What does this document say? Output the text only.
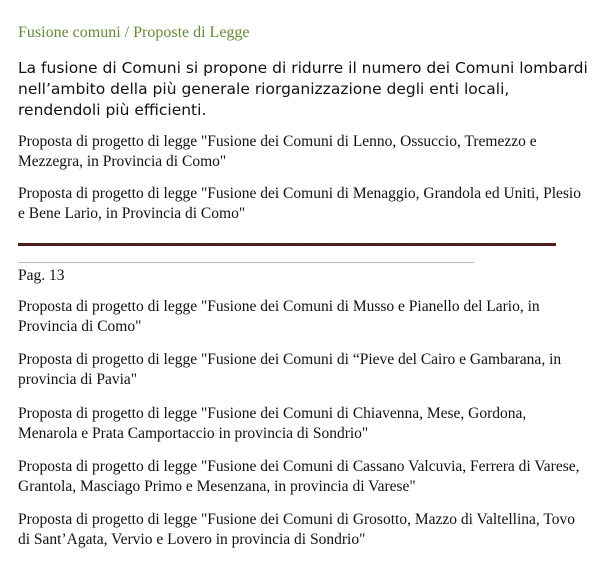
Fusione comuni / Proposte di Legge

La fusione di Comuni si propone di ridurre il numero dei Comuni lombardi nell’ambito della più generale riorganizzazione degli enti locali, rendendoli più efficienti.

Proposta di progetto di legge "Fusione dei Comuni di Lenno, Ossuccio, Tremezzo e Mezzegra, in Provincia di Como"

Proposta di progetto di legge "Fusione dei Comuni di Menaggio, Grandola ed Uniti, Plesio e Bene Lario, in Provincia di Como"

Pag. 13

Proposta di progetto di legge "Fusione dei Comuni di Musso e Pianello del Lario, in Provincia di Como"

Proposta di progetto di legge "Fusione dei Comuni di “Pieve del Cairo e Gambarana, in provincia di Pavia"

Proposta di progetto di legge "Fusione dei Comuni di Chiavenna, Mese, Gordona, Menarola e Prata Camportaccio in provincia di Sondrio"

Proposta di progetto di legge "Fusione dei Comuni di Cassano Valcuvia, Ferrera di Varese, Grantola, Masciago Primo e Mesenzana, in provincia di Varese"

Proposta di progetto di legge "Fusione dei Comuni di Grosotto, Mazzo di Valtellina, Tovo di Sant’Agata, Vervio e Lovero in provincia di Sondrio"
